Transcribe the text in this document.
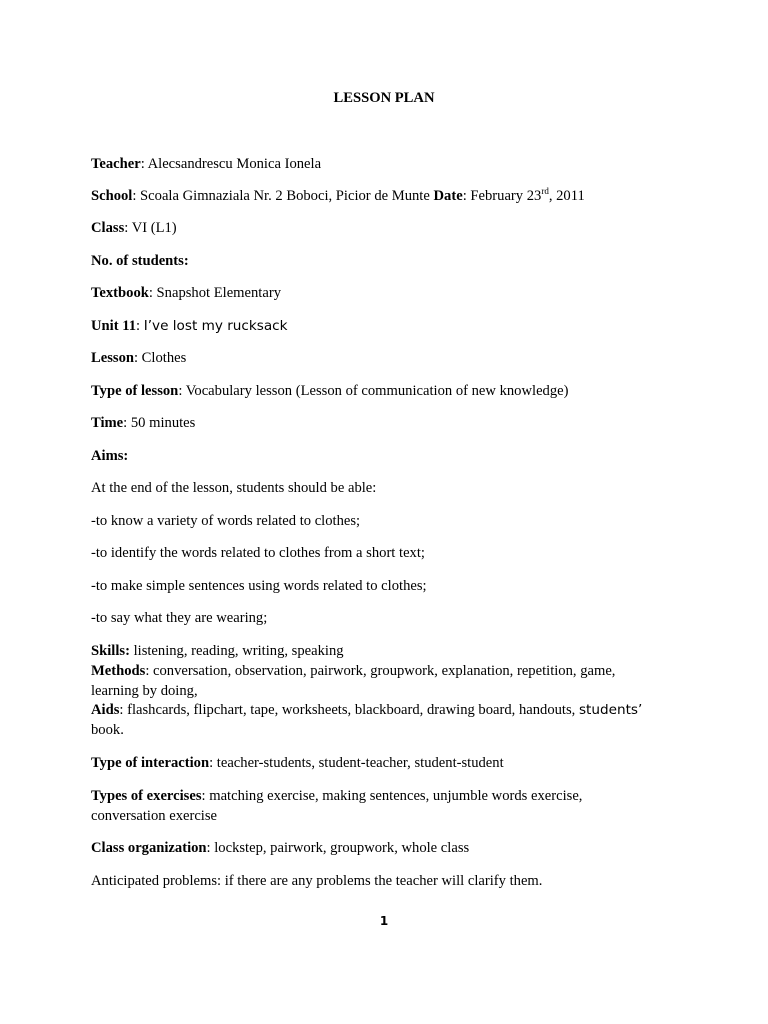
LESSON PLAN
Teacher: Alecsandrescu Monica Ionela
School: Scoala Gimnaziala Nr. 2 Boboci, Picior de Munte Date: February 23rd, 2011
Class: VI (L1)
No. of students:
Textbook: Snapshot Elementary
Unit 11: I’ve lost my rucksack
Lesson: Clothes
Type of lesson: Vocabulary lesson (Lesson of communication of new knowledge)
Time: 50 minutes
Aims:
At the end of the lesson, students should be able:
-to know a variety of words related to clothes;
-to identify the words related to clothes from a short text;
-to make simple sentences using words related to clothes;
-to say what they are wearing;
Skills: listening, reading, writing, speaking
Methods: conversation, observation, pairwork, groupwork, explanation, repetition, game,
learning by doing,
Aids: flashcards, flipchart, tape, worksheets, blackboard, drawing board, handouts, students’
book.
Type of interaction: teacher-students, student-teacher, student-student
Types of exercises: matching exercise, making sentences, unjumble words exercise,
conversation exercise
Class organization: lockstep, pairwork, groupwork, whole class
Anticipated problems: if there are any problems the teacher will clarify them.
1
